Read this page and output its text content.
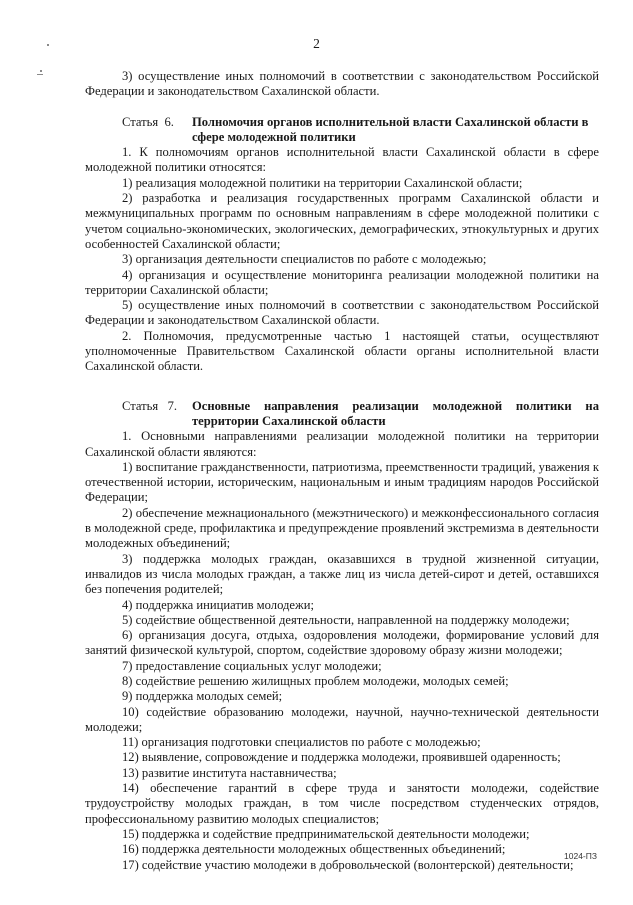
2

3) осуществление иных полномочий в соответствии с законодательством Российской Федерации и законодательством Сахалинской области.

Статья  6.	Полномочия органов исполнительной власти Сахалинской области в сфере молодежной политики

1. К полномочиям органов исполнительной власти Сахалинской области в сфере молодежной политики относятся:

1) реализация молодежной политики на территории Сахалинской области;

2) разработка и реализация государственных программ Сахалинской области и межмуниципальных программ по основным направлениям в сфере молодежной политики с учетом социально-экономических, экологических, демографических, этнокультурных и других особенностей Сахалинской области;

3) организация деятельности специалистов по работе с молодежью;

4) организация и осуществление мониторинга реализации молодежной политики на территории Сахалинской области;

5) осуществление иных полномочий в соответствии с законодательством Российской Федерации и законодательством Сахалинской области.

2. Полномочия, предусмотренные частью 1 настоящей статьи, осуществляют уполномоченные Правительством Сахалинской области органы исполнительной власти Сахалинской области.

Статья   7.	Основные направления реализации молодежной политики на территории Сахалинской области

1. Основными направлениями реализации молодежной политики на территории Сахалинской области являются:

1) воспитание гражданственности, патриотизма, преемственности традиций, уважения к отечественной истории, историческим, национальным и иным традициям народов Российской Федерации;

2) обеспечение межнационального (межэтнического) и межконфессионального согласия в молодежной среде, профилактика и предупреждение проявлений экстремизма в деятельности молодежных объединений;

3) поддержка молодых граждан, оказавшихся в трудной жизненной ситуации, инвалидов из числа молодых граждан, а также лиц из числа детей-сирот и детей, оставшихся без попечения родителей;

4) поддержка инициатив молодежи;

5) содействие общественной деятельности, направленной на поддержку молодежи;

6) организация досуга, отдыха, оздоровления молодежи, формирование условий для занятий физической культурой, спортом, содействие здоровому образу жизни молодежи;

7) предоставление социальных услуг молодежи;

8) содействие решению жилищных проблем молодежи, молодых семей;

9) поддержка молодых семей;

10) содействие образованию молодежи, научной, научно-технической деятельности молодежи;

11) организация подготовки специалистов по работе с молодежью;

12) выявление, сопровождение и поддержка молодежи, проявившей одаренность;

13) развитие института наставничества;

14) обеспечение гарантий в сфере труда и занятости молодежи, содействие трудоустройству молодых граждан, в том числе посредством студенческих отрядов, профессиональному развитию молодых специалистов;

15) поддержка и содействие предпринимательской деятельности молодежи;

16) поддержка деятельности молодежных общественных объединений;

17) содействие участию молодежи в добровольческой (волонтерской) деятельности;

1024-ПЗ
